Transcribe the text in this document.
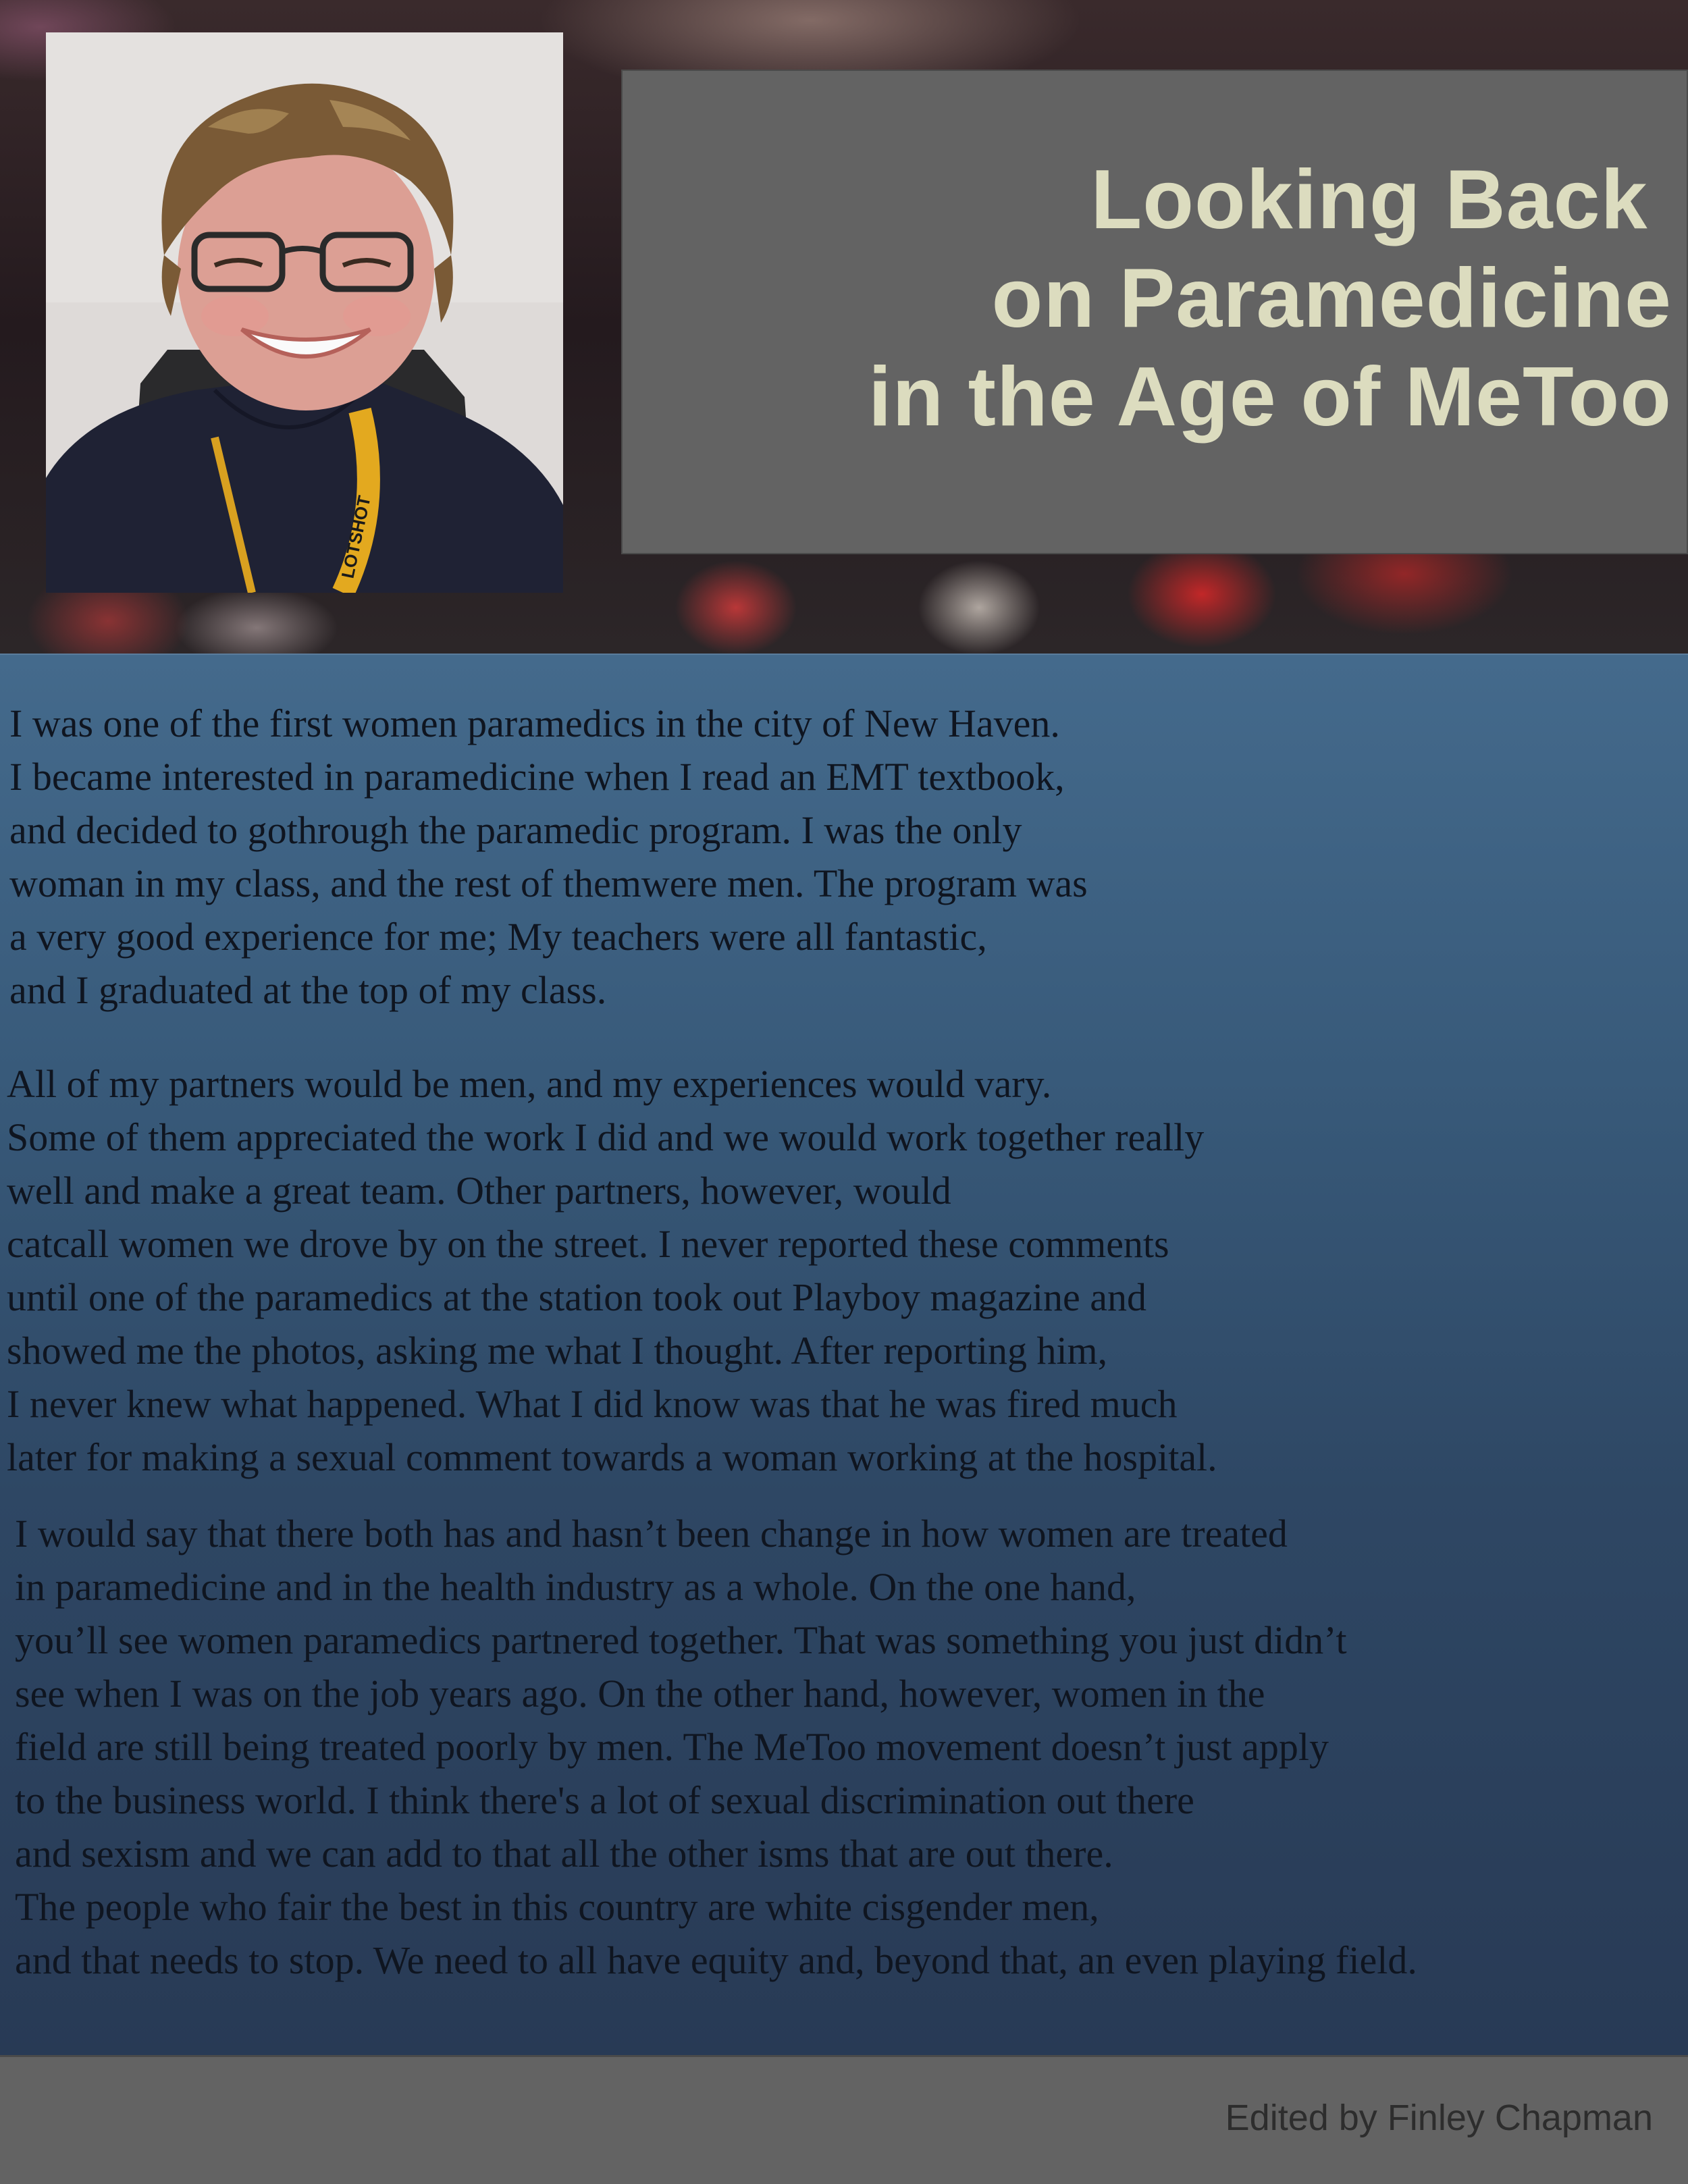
LOTSHOT
Looking Back
on Paramedicine
in the Age of MeToo

I was one of the first women paramedics in the city of New Haven.
I became interested in paramedicine when I read an EMT textbook,
and decided to gothrough the paramedic program. I was the only
woman in my class, and the rest of themwere men. The program was
a very good experience for me; My teachers were all fantastic,
and I graduated at the top of my class.

All of my partners would be men, and my experiences would vary.
Some of them appreciated the work I did and we would work together really
well and make a great team. Other partners, however, would
catcall women we drove by on the street. I never reported these comments
until one of the paramedics at the station took out Playboy magazine and
showed me the photos, asking me what I thought. After reporting him,
I never knew what happened. What I did know was that he was fired much
later for making a sexual comment towards a woman working at the hospital.

I would say that there both has and hasn’t been change in how women are treated
in paramedicine and in the health industry as a whole. On the one hand,
you’ll see women paramedics partnered together. That was something you just didn’t
see when I was on the job years ago. On the other hand, however, women in the
field are still being treated poorly by men. The MeToo movement doesn’t just apply
to the business world. I think there's a lot of sexual discrimination out there
and sexism and we can add to that all the other isms that are out there.
The people who fair the best in this country are white cisgender men,
and that needs to stop. We need to all have equity and, beyond that, an even playing field.

Edited by Finley Chapman
